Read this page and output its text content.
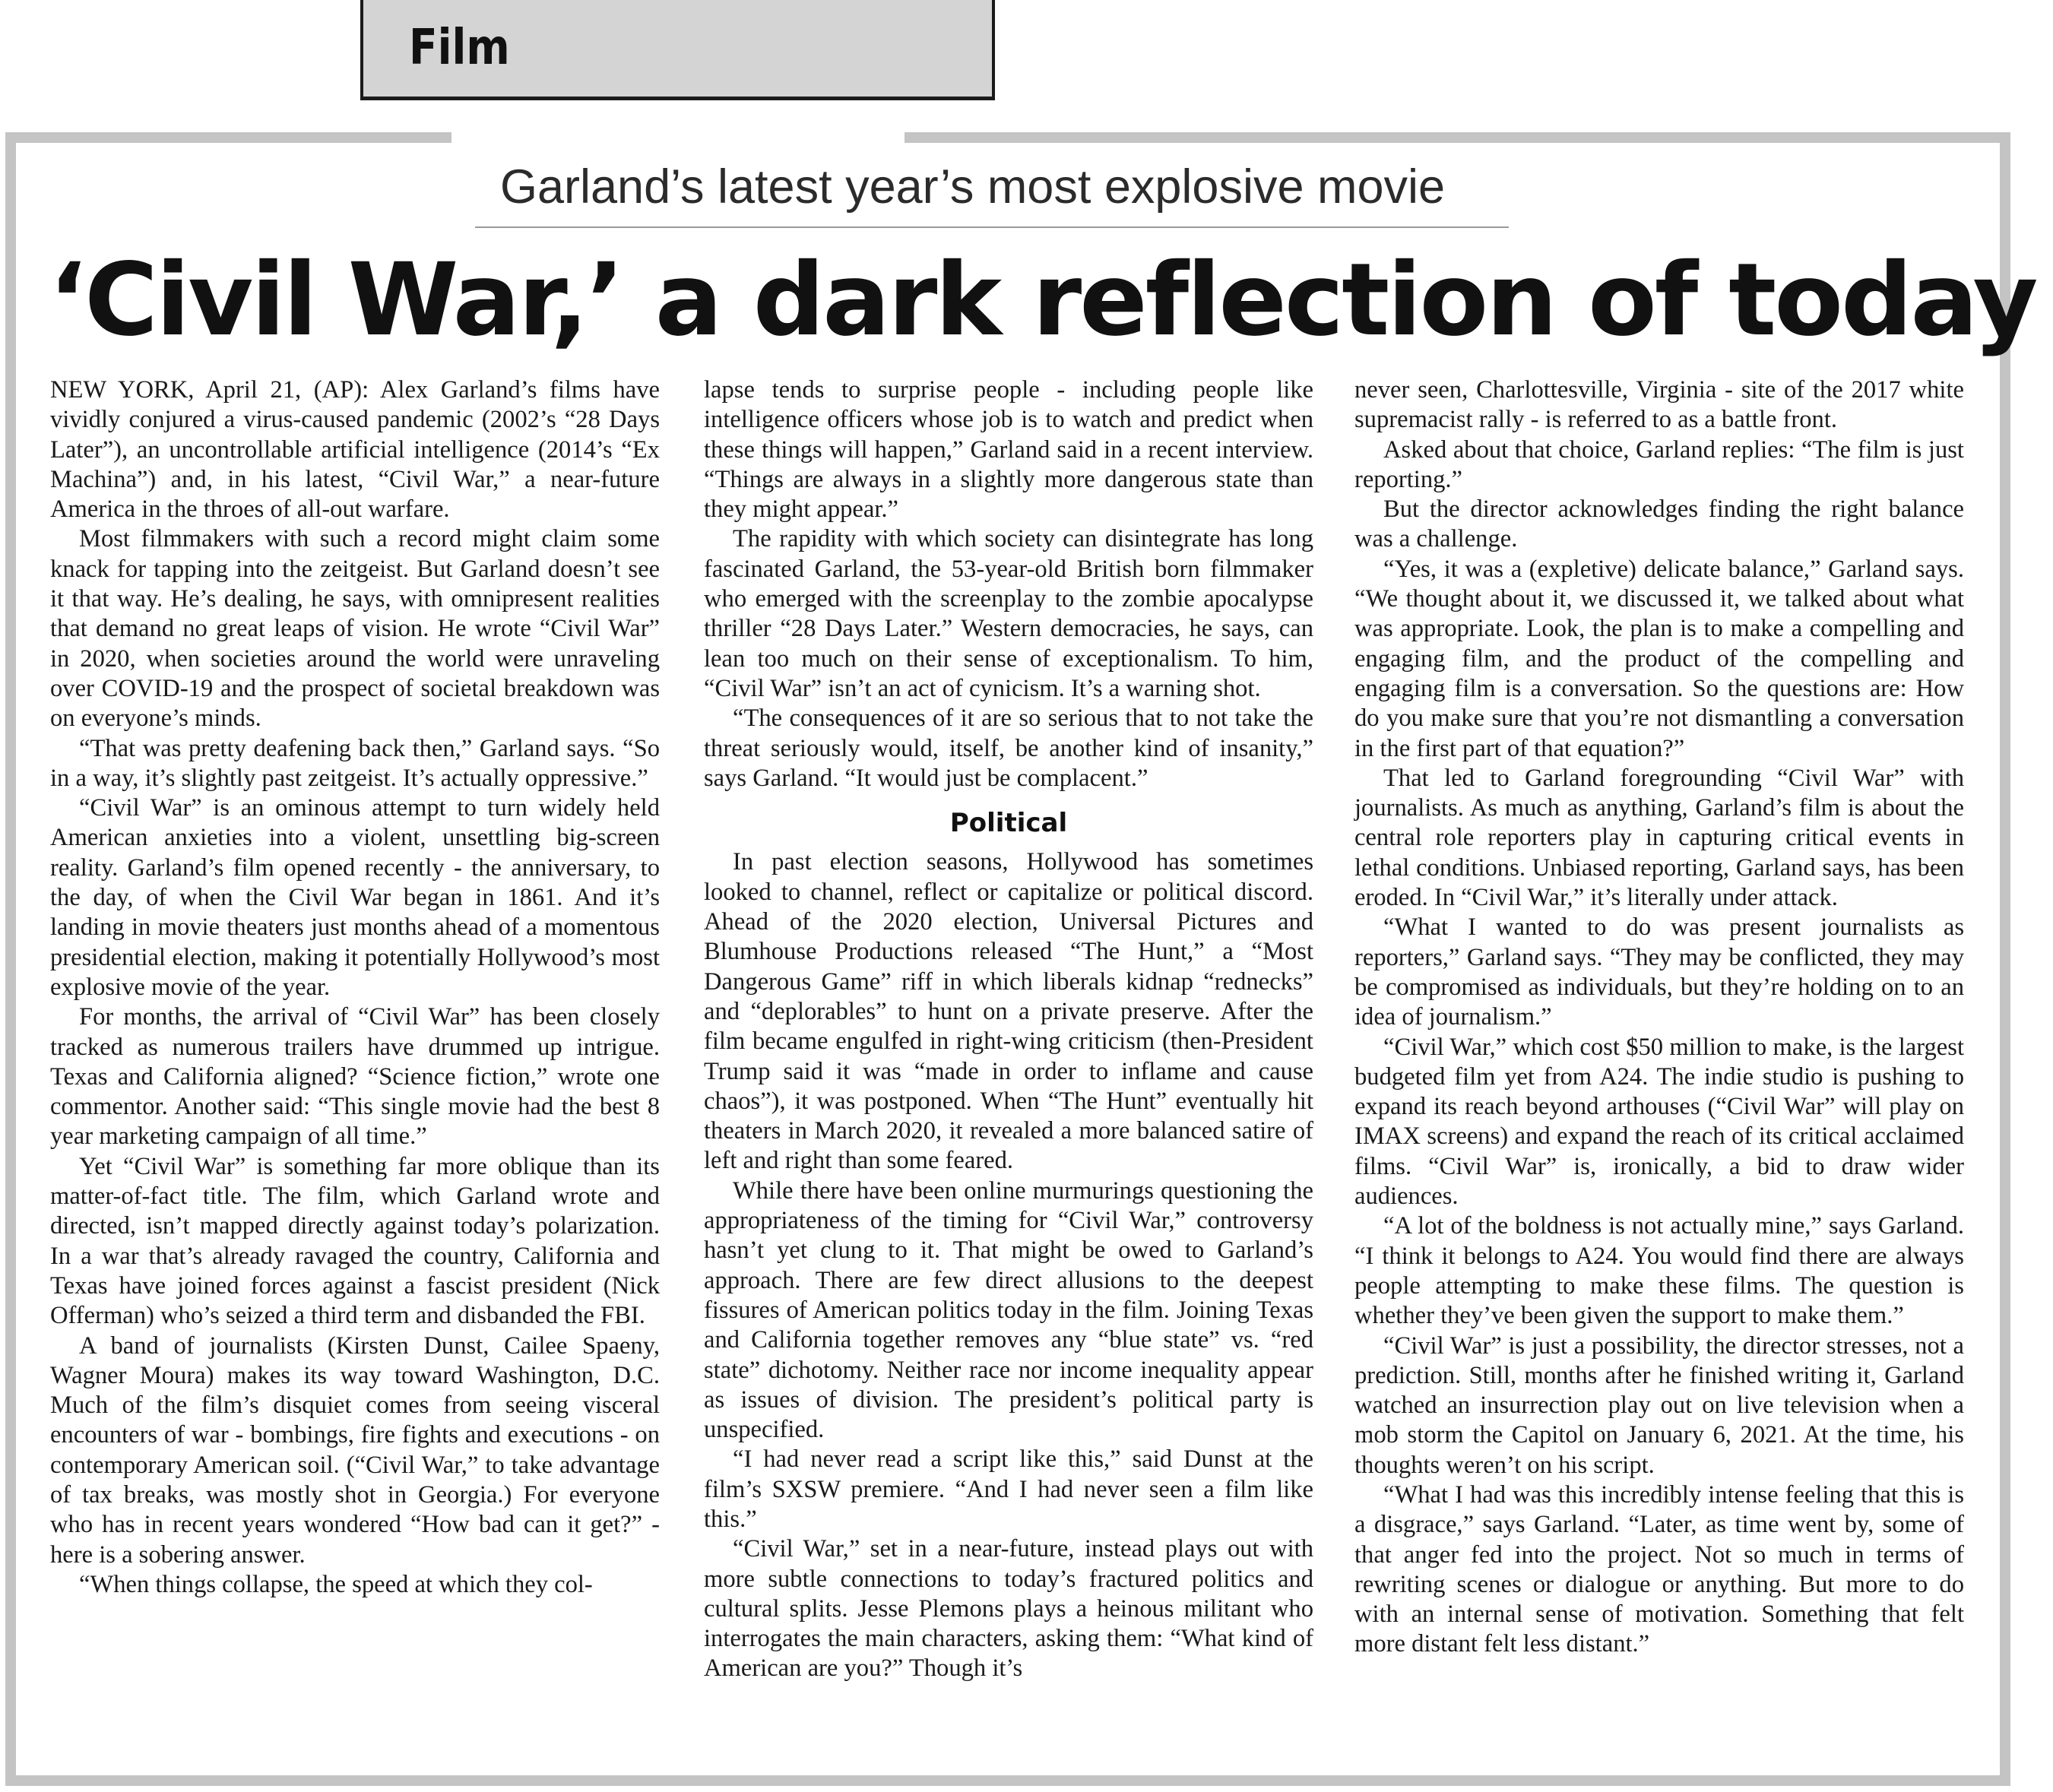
Film
Garland’s latest year’s most explosive movie
‘Civil War,’ a dark reflection of today

NEW YORK, April 21, (AP): Alex Garland’s films have vividly conjured a virus-caused pandemic (2002’s “28 Days Later”), an uncontrollable artificial intelligence (2014’s “Ex Machina”) and, in his latest, “Civil War,” a near-future America in the throes of all-out warfare.

Most filmmakers with such a record might claim some knack for tapping into the zeitgeist. But Garland doesn’t see it that way. He’s dealing, he says, with omnipresent realities that demand no great leaps of vision. He wrote “Civil War” in 2020, when societies around the world were unraveling over COVID-19 and the prospect of societal breakdown was on everyone’s minds.

“That was pretty deafening back then,” Garland says. “So in a way, it’s slightly past zeitgeist. It’s actually oppressive.”

“Civil War” is an ominous attempt to turn widely held American anxieties into a violent, unsettling big-screen reality. Garland’s film opened recently - the anniversary, to the day, of when the Civil War began in 1861. And it’s landing in movie theaters just months ahead of a momentous presidential election, making it potentially Hollywood’s most explosive movie of the year.

For months, the arrival of “Civil War” has been closely tracked as numerous trailers have drummed up intrigue. Texas and California aligned? “Science fiction,” wrote one commentor. Another said: “This single movie had the best 8 year marketing campaign of all time.”

Yet “Civil War” is something far more oblique than its matter-of-fact title. The film, which Garland wrote and directed, isn’t mapped directly against today’s polarization. In a war that’s already ravaged the country, California and Texas have joined forces against a fascist president (Nick Offerman) who’s seized a third term and disbanded the FBI.

A band of journalists (Kirsten Dunst, Cailee Spaeny, Wagner Moura) makes its way toward Washington, D.C. Much of the film’s disquiet comes from seeing visceral encounters of war - bombings, fire fights and executions - on contemporary American soil. (“Civil War,” to take advantage of tax breaks, was mostly shot in Georgia.) For everyone who has in recent years wondered “How bad can it get?” - here is a sobering answer.

“When things collapse, the speed at which they col-

lapse tends to surprise people - including people like intelligence officers whose job is to watch and predict when these things will happen,” Garland said in a recent interview. “Things are always in a slightly more dangerous state than they might appear.”

The rapidity with which society can disintegrate has long fascinated Garland, the 53-year-old British born filmmaker who emerged with the screenplay to the zombie apocalypse thriller “28 Days Later.” Western democracies, he says, can lean too much on their sense of exceptionalism. To him, “Civil War” isn’t an act of cynicism. It’s a warning shot.

“The consequences of it are so serious that to not take the threat seriously would, itself, be another kind of insanity,” says Garland. “It would just be complacent.”

Political

In past election seasons, Hollywood has sometimes looked to channel, reflect or capitalize or political discord. Ahead of the 2020 election, Universal Pictures and Blumhouse Productions released “The Hunt,” a “Most Dangerous Game” riff in which liberals kidnap “rednecks” and “deplorables” to hunt on a private preserve. After the film became engulfed in right-wing criticism (then-President Trump said it was “made in order to inflame and cause chaos”), it was postponed. When “The Hunt” eventually hit theaters in March 2020, it revealed a more balanced satire of left and right than some feared.

While there have been online murmurings questioning the appropriateness of the timing for “Civil War,” controversy hasn’t yet clung to it. That might be owed to Garland’s approach. There are few direct allusions to the deepest fissures of American politics today in the film. Joining Texas and California together removes any “blue state” vs. “red state” dichotomy. Neither race nor income inequality appear as issues of division. The president’s political party is unspecified.

“I had never read a script like this,” said Dunst at the film’s SXSW premiere. “And I had never seen a film like this.”

“Civil War,” set in a near-future, instead plays out with more subtle connections to today’s fractured politics and cultural splits. Jesse Plemons plays a heinous militant who interrogates the main characters, asking them: “What kind of American are you?” Though it’s

never seen, Charlottesville, Virginia - site of the 2017 white supremacist rally - is referred to as a battle front.

Asked about that choice, Garland replies: “The film is just reporting.”

But the director acknowledges finding the right balance was a challenge.

“Yes, it was a (expletive) delicate balance,” Garland says. “We thought about it, we discussed it, we talked about what was appropriate. Look, the plan is to make a compelling and engaging film, and the product of the compelling and engaging film is a conversation. So the questions are: How do you make sure that you’re not dismantling a conversation in the first part of that equation?”

That led to Garland foregrounding “Civil War” with journalists. As much as anything, Garland’s film is about the central role reporters play in capturing critical events in lethal conditions. Unbiased reporting, Garland says, has been eroded. In “Civil War,” it’s literally under attack.

“What I wanted to do was present journalists as reporters,” Garland says. “They may be conflicted, they may be compromised as individuals, but they’re holding on to an idea of journalism.”

“Civil War,” which cost $50 million to make, is the largest budgeted film yet from A24. The indie studio is pushing to expand its reach beyond arthouses (“Civil War” will play on IMAX screens) and expand the reach of its critical acclaimed films. “Civil War” is, ironically, a bid to draw wider audiences.

“A lot of the boldness is not actually mine,” says Garland. “I think it belongs to A24. You would find there are always people attempting to make these films. The question is whether they’ve been given the support to make them.”

“Civil War” is just a possibility, the director stresses, not a prediction. Still, months after he finished writing it, Garland watched an insurrection play out on live television when a mob storm the Capitol on January 6, 2021. At the time, his thoughts weren’t on his script.

“What I had was this incredibly intense feeling that this is a disgrace,” says Garland. “Later, as time went by, some of that anger fed into the project. Not so much in terms of rewriting scenes or dialogue or anything. But more to do with an internal sense of motivation. Something that felt more distant felt less distant.”
